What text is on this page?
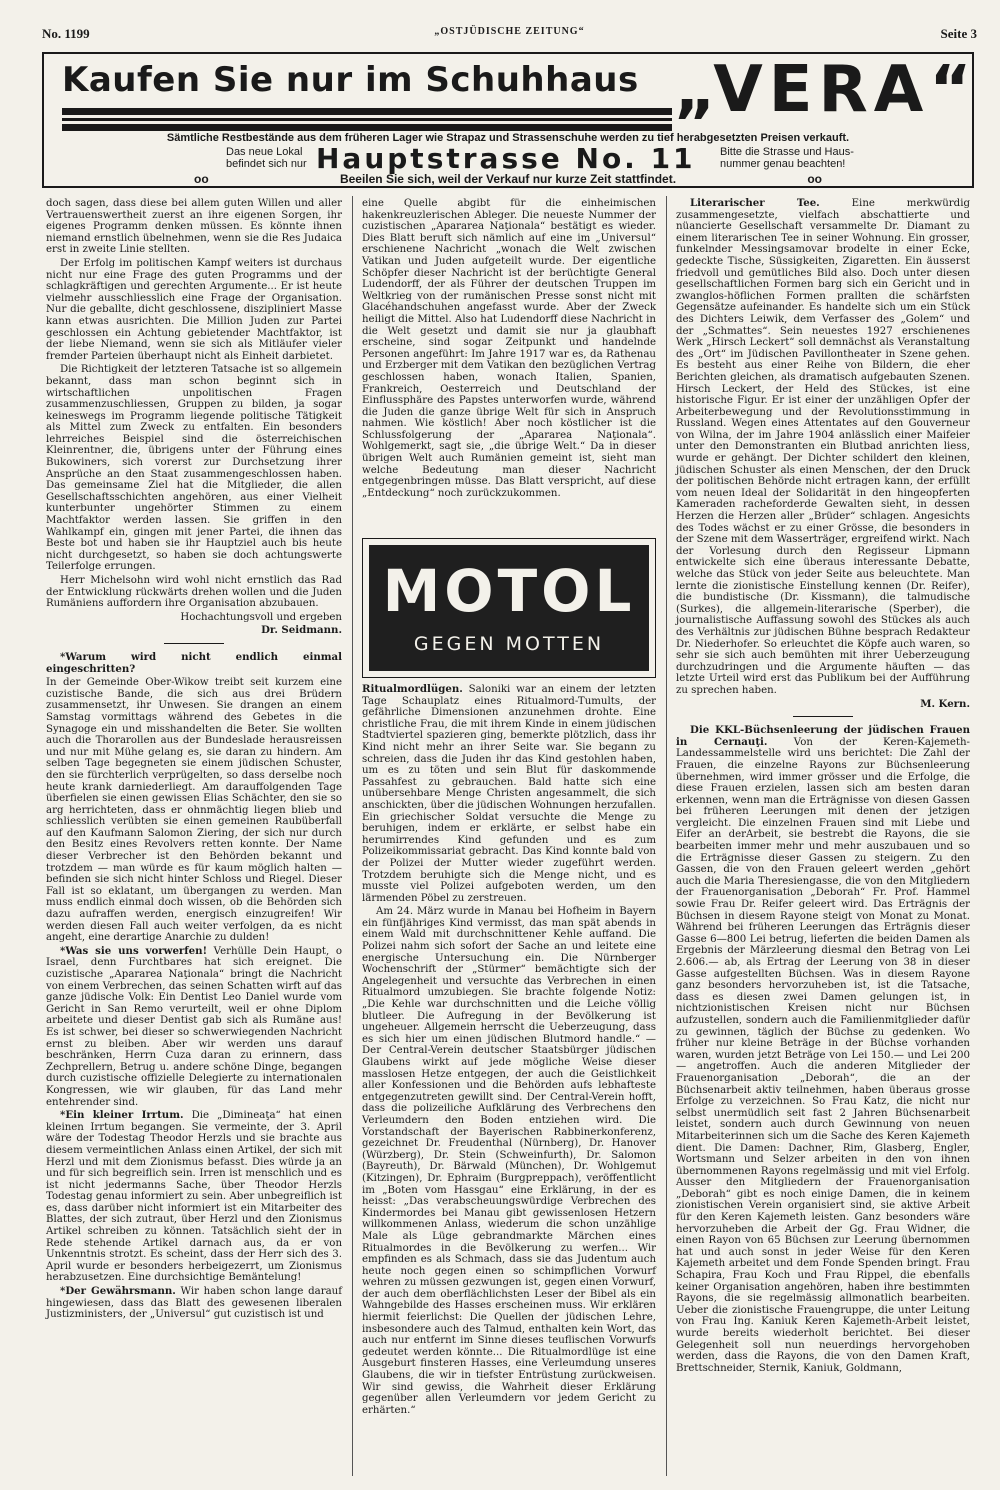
No. 1199	„OSTJÜDISCHE ZEITUNG“	Seite 3
Kaufen Sie nur im Schuhhaus „VERA“
Sämtliche Restbestände aus dem früheren Lager wie Strapaz und Strassenschuhe werden zu tief herabgesetzten Preisen verkauft.
Das neue Lokal
befindet sich nur Hauptstrasse No. 11 Bitte die Strasse und Haus-
nummer genau beachten!
oo	Beeilen Sie sich, weil der Verkauf nur kurze Zeit stattfindet.	oo

doch sagen, dass diese bei allem guten Willen und aller Vertrauenswertheit zuerst an ihre eigenen Sorgen, ihr eigenes Programm denken müssen. Es könnte ihnen niemand ernstlich übelnehmen, wenn sie die Res Judaica erst in zweite Linie stellten.

Der Erfolg im politischen Kampf weiters ist durchaus nicht nur eine Frage des guten Programms und der schlagkräftigen und gerechten Argumente... Er ist heute vielmehr ausschliesslich eine Frage der Organisation. Nur die geballte, dicht geschlossene, diszipliniert Masse kann etwas ausrichten. Die Million Juden zur Partei geschlossen ein Achtung gebietender Machtfaktor, ist der liebe Niemand, wenn sie sich als Mitläufer vieler fremder Parteien überhaupt nicht als Einheit darbietet.

Die Richtigkeit der letzteren Tatsache ist so allgemein bekannt, dass man schon beginnt sich in wirtschaftlichen unpolitischen Fragen zusammenzuschliessen, Gruppen zu bilden, ja sogar keineswegs im Programm liegende politische Tätigkeit als Mittel zum Zweck zu entfalten. Ein besonders lehrreiches Beispiel sind die österreichischen Kleinrentner, die, übrigens unter der Führung eines Bukowiners, sich vorerst zur Durchsetzung ihrer Ansprüche an den Staat zusammengeschlossen haben. Das gemeinsame Ziel hat die Mitglieder, die allen Gesellschaftsschichten angehören, aus einer Vielheit kunterbunter ungehörter Stimmen zu einem Machtfaktor werden lassen. Sie griffen in den Wahlkampf ein, gingen mit jener Partei, die ihnen das Beste bot und haben sie ihr Hauptziel auch bis heute nicht durchgesetzt, so haben sie doch achtungswerte Teilerfolge errungen.

Herr Michelsohn wird wohl nicht ernstlich das Rad der Entwicklung rückwärts drehen wollen und die Juden Rumäniens auffordern ihre Organisation abzubauen.

Hochachtungsvoll und ergeben

Dr. Seidmann.

*Warum wird nicht endlich einmal eingeschritten?

In der Gemeinde Ober-Wikow treibt seit kurzem eine cuzistische Bande, die sich aus drei Brüdern zusammensetzt, ihr Unwesen. Sie drangen an einem Samstag vormittags während des Gebetes in die Synagoge ein und misshandelten die Beter. Sie wollten auch die Thorarollen aus der Bundeslade herausreissen und nur mit Mühe gelang es, sie daran zu hindern. Am selben Tage begegneten sie einem jüdischen Schuster, den sie fürchterlich verprügelten, so dass derselbe noch heute krank darniederliegt. Am darauffolgenden Tage überfielen sie einen gewissen Elias Schächter, den sie so arg herrichteten, dass er ohnmächtig liegen blieb und schliesslich verübten sie einen gemeinen Raubüberfall auf den Kaufmann Salomon Ziering, der sich nur durch den Besitz eines Revolvers retten konnte. Der Name dieser Verbrecher ist den Behörden bekannt und trotzdem — man würde es für kaum möglich halten — befinden sie sich nicht hinter Schloss und Riegel. Dieser Fall ist so eklatant, um übergangen zu werden. Man muss endlich einmal doch wissen, ob die Behörden sich dazu aufraffen werden, energisch einzugreifen! Wir werden diesen Fall auch weiter verfolgen, da es nicht angeht, eine derartige Anarchie zu dulden!

*Was sie uns vorwerfen! Verhülle Dein Haupt, o Israel, denn Furchtbares hat sich ereignet. Die cuzistische „Apararea Naţionala“ bringt die Nachricht von einem Verbrechen, das seinen Schatten wirft auf das ganze jüdische Volk: Ein Dentist Leo Daniel wurde vom Gericht in San Remo verurteilt, weil er ohne Diplom arbeitete und dieser Dentist gab sich als Rumäne aus! Es ist schwer, bei dieser so schwerwiegenden Nachricht ernst zu bleiben. Aber wir werden uns darauf beschränken, Herrn Cuza daran zu erinnern, dass Zechprellern, Betrug u. andere schöne Dinge, begangen durch cuzistische offizielle Delegierte zu internationalen Kongressen, wie wir glauben, für das Land mehr entehrender sind.

*Ein kleiner Irrtum. Die „Dimineaţa“ hat einen kleinen Irrtum begangen. Sie vermeinte, der 3. April wäre der Todestag Theodor Herzls und sie brachte aus diesem vermeintlichen Anlass einen Artikel, der sich mit Herzl und mit dem Zionismus befasst. Dies würde ja an und für sich begreiflich sein. Irren ist menschlich und es ist nicht jedermanns Sache, über Theodor Herzls Todestag genau informiert zu sein. Aber unbegreiflich ist es, dass darüber nicht informiert ist ein Mitarbeiter des Blattes, der sich zutraut, über Herzl und den Zionismus Artikel schreiben zu können. Tatsächlich sieht der in Rede stehende Artikel darnach aus, da er von Unkenntnis strotzt. Es scheint, dass der Herr sich des 3. April wurde er besonders herbeigezerrt, um Zionismus herabzusetzen. Eine durchsichtige Bemäntelung!

*Der Gewährsmann. Wir haben schon lange darauf hingewiesen, dass das Blatt des gewesenen liberalen Justizministers, der „Universul“ gut cuzistisch ist und

eine Quelle abgibt für die einheimischen hakenkreuzlerischen Ableger. Die neueste Nummer der cuzistischen „Apararea Naţionala“ bestätigt es wieder. Dies Blatt beruft sich nämlich auf eine im „Universul“ erschienene Nachricht „wonach die Welt zwischen Vatikan und Juden aufgeteilt wurde. Der eigentliche Schöpfer dieser Nachricht ist der berüchtigte General Ludendorff, der als Führer der deutschen Truppen im Weltkrieg von der rumänischen Presse sonst nicht mit Glacéhandschuhen angefasst wurde. Aber der Zweck heiligt die Mittel. Also hat Ludendorff diese Nachricht in die Welt gesetzt und damit sie nur ja glaubhaft erscheine, sind sogar Zeitpunkt und handelnde Personen angeführt: Im Jahre 1917 war es, da Rathenau und Erzberger mit dem Vatikan den bezüglichen Vertrag geschlossen haben, wonach Italien, Spanien, Frankreich, Oesterreich und Deutschland der Einflussphäre des Papstes unterworfen wurde, während die Juden die ganze übrige Welt für sich in Anspruch nahmen. Wie köstlich! Aber noch köstlicher ist die Schlussfolgerung der „Apararea Naţionala“. Wohlgemerkt, sagt sie, „die übrige Welt.“ Da in dieser übrigen Welt auch Rumänien gemeint ist, sieht man welche Bedeutung man dieser Nachricht entgegenbringen müsse. Das Blatt verspricht, auf diese „Entdeckung“ noch zurückzukommen.

MOTOL
GEGEN MOTTEN

Ritualmordlügen. Saloniki war an einem der letzten Tage Schauplatz eines Ritualmord-Tumults, der gefährliche Dimensionen anzunehmen drohte. Eine christliche Frau, die mit ihrem Kinde in einem jüdischen Stadtviertel spazieren ging, bemerkte plötzlich, dass ihr Kind nicht mehr an ihrer Seite war. Sie begann zu schreien, dass die Juden ihr das Kind gestohlen haben, um es zu töten und sein Blut für daskommende Passahfest zu gebrauchen. Bald hatte sich eine unübersehbare Menge Christen angesammelt, die sich anschickten, über die jüdischen Wohnungen herzufallen. Ein griechischer Soldat versuchte die Menge zu beruhigen, indem er erklärte, er selbst habe ein herumirrendes Kind gefunden und es zum Polizeikommissariat gebracht. Das Kind konnte bald von der Polizei der Mutter wieder zugeführt werden. Trotzdem beruhigte sich die Menge nicht, und es musste viel Polizei aufgeboten werden, um den lärmenden Pöbel zu zerstreuen.

Am 24. März wurde in Manau bei Hofheim in Bayern ein fünfjähriges Kind vermisst, das man spät abends in einem Wald mit durchschnittener Kehle auffand. Die Polizei nahm sich sofort der Sache an und leitete eine energische Untersuchung ein. Die Nürnberger Wochenschrift der „Stürmer“ bemächtigte sich der Angelegenheit und versuchte das Verbrechen in einen Ritualmord umzubiegen. Sie brachte folgende Notiz: „Die Kehle war durchschnitten und die Leiche völlig blutleer. Die Aufregung in der Bevölkerung ist ungeheuer. Allgemein herrscht die Ueberzeugung, dass es sich hier um einen jüdischen Blutmord handle.“ — Der Central-Verein deutscher Staatsbürger jüdischen Glaubens wirkt auf jede mögliche Weise dieser masslosen Hetze entgegen, der auch die Geistlichkeit aller Konfessionen und die Behörden aufs lebhafteste entgegenzutreten gewillt sind. Der Central-Verein hofft, dass die polizeiliche Aufklärung des Verbrechens den Verleumdern den Boden entziehen wird. Die Vorstandschaft der Bayerischen Rabbinerkonferenz, gezeichnet Dr. Freudenthal (Nürnberg), Dr. Hanover (Würzberg), Dr. Stein (Schweinfurth), Dr. Salomon (Bayreuth), Dr. Bärwald (München), Dr. Wohlgemut (Kitzingen), Dr. Ephraim (Burgpreppach), veröffentlicht im „Boten vom Hassgau“ eine Erklärung, in der es heisst: „Das verabscheuungswürdige Verbrechen des Kindermordes bei Manau gibt gewissenlosen Hetzern willkommenen Anlass, wiederum die schon unzählige Male als Lüge gebrandmarkte Märchen eines Ritualmordes in die Bevölkerung zu werfen... Wir empfinden es als Schmach, dass sie das Judentum auch heute noch gegen einen so schimpflichen Vorwurf wehren zu müssen gezwungen ist, gegen einen Vorwurf, der auch dem oberflächlichsten Leser der Bibel als ein Wahngebilde des Hasses erscheinen muss. Wir erklären hiermit feierlichst: Die Quellen der jüdischen Lehre, insbesondere auch des Talmud, enthalten kein Wort, das auch nur entfernt im Sinne dieses teuflischen Vorwurfs gedeutet werden könnte... Die Ritualmordlüge ist eine Ausgeburt finsteren Hasses, eine Verleumdung unseres Glaubens, die wir in tiefster Entrüstung zurückweisen. Wir sind gewiss, die Wahrheit dieser Erklärung gegenüber allen Verleumdern vor jedem Gericht zu erhärten.“

Literarischer Tee.	Eine merkwürdig zusammengesetzte, vielfach abschattierte und nüancierte Gesellschaft versammelte Dr. Diamant zu einem literarischen Tee in seiner Wohnung. Ein grosser, funkelnder Messingsamovar brodelte in einer Ecke, gedeckte Tische, Süssigkeiten, Zigaretten. Ein äusserst friedvoll und gemütliches Bild also. Doch unter diesen gesellschaftlichen Formen barg sich ein Gericht und in zwanglos-höflichen Formen prallten die schärfsten Gegensätze aufeinander. Es handelte sich um ein Stück des Dichters Leiwik, dem Verfasser des „Golem“ und der „Schmattes“. Sein neuestes 1927 erschienenes Werk „Hirsch Leckert“ soll demnächst als Veranstaltung des „Ort“ im Jüdischen Pavillontheater in Szene gehen. Es besteht aus einer Reihe von Bildern, die eher Berichten gleichen, als dramatisch aufgebauten Szenen. Hirsch Leckert, der Held des Stückes, ist eine historische Figur. Er ist einer der unzähligen Opfer der Arbeiterbewegung und der Revolutionsstimmung in Russland. Wegen eines Attentates auf den Gouverneur von Wilna, der im Jahre 1904 anlässlich einer Maifeier unter den Demonstranten ein Blutbad anrichten liess, wurde er gehängt. Der Dichter schildert den kleinen, jüdischen Schuster als einen Menschen, der den Druck der politischen Behörde nicht ertragen kann, der erfüllt vom neuen Ideal der Solidarität in den hingeopferten Kameraden racheforderde Gewalten sieht, in dessen Herzen die Herzen aller „Brüder“ schlagen. Angesichts des Todes wächst er zu einer Grösse, die besonders in der Szene mit dem Wasserträger, ergreifend wirkt. Nach der Vorlesung durch den Regisseur Lipmann entwickelte sich eine überaus interessante Debatte, welche das Stück von jeder Seite aus beleuchtete. Man lernte die zionistische Einstellung kennen (Dr. Reifer), die bundistische (Dr. Kissmann), die talmudische (Surkes), die allgemein-literarische (Sperber), die journalistische Auffassung sowohl des Stückes als auch des Verhältnis zur jüdischen Bühne besprach Redakteur Dr. Niederhofer. So erleuchtet die Köpfe auch waren, so sehr sie sich auch bemühten mit ihrer Ueberzeugung durchzudringen und die Argumente häuften — das letzte Urteil wird erst das Publikum bei der Aufführung zu sprechen haben.

M. Kern.

Die KKL-Büchsenleerung der jüdischen Frauen in Cernauţi.	Von der Keren-Kajemeth-Landessammelstelle wird uns berichtet: Die Zahl der Frauen, die einzelne Rayons zur Büchsenleerung übernehmen, wird immer grösser und die Erfolge, die diese Frauen erzielen, lassen sich am besten daran erkennen, wenn man die Erträgnisse von diesen Gassen bei früheren Leerungen mit denen der jetzigen vergleicht. Die einzelnen Frauen sind mit Liebe und Eifer an derArbeit, sie bestrebt die Rayons, die sie bearbeiten immer mehr und mehr auszubauen und so die Erträgnisse dieser Gassen zu steigern. Zu den Gassen, die von den Frauen geleert werden „gehört auch die Maria Theresiengasse, die von den Mitgliedern der Frauenorganisation „Deborah“ Fr. Prof. Hammel sowie Frau Dr. Reifer geleert wird. Das Erträgnis der Büchsen in diesem Rayone steigt von Monat zu Monat. Während bei früheren Leerungen das Erträgnis dieser Gasse 6—800 Lei betrug, lieferten die beiden Damen als Ergebnis der Märzleerung diesmal den Betrag von Lei 2.606.— ab, als Ertrag der Leerung von 38 in dieser Gasse aufgestellten Büchsen. Was in diesem Rayone ganz besonders hervorzuheben ist, ist die Tatsache, dass es diesen zwei Damen gelungen ist, in nichtzionistischen Kreisen nicht nur Büchsen aufzustellen, sondern auch die Familienmitglieder dafür zu gewinnen, täglich der Büchse zu gedenken. Wo früher nur kleine Beträge in der Büchse vorhanden waren, wurden jetzt Beträge von Lei 150.— und Lei 200 — angetroffen. Auch die anderen Mitglieder der Frauenorganisation „Deborah“, die an der Büchsenarbeit aktiv teilnehmen, haben überaus grosse Erfolge zu verzeichnen. So Frau Katz, die nicht nur selbst unermüdlich seit fast 2 Jahren Büchsenarbeit leistet, sondern auch durch Gewinnung von neuen Mitarbeiterinnen sich um die Sache des Keren Kajemeth dient. Die Damen: Dachner, Rim, Glasberg, Engler, Wortsmann und Selzer arbeiten in den von ihnen übernommenen Rayons regelmässig und mit viel Erfolg. Ausser den Mitgliedern der Frauenorganisation „Deborah“ gibt es noch einige Damen, die in keinem zionistischen Verein organisiert sind, sie aktive Arbeit für den Keren Kajemeth leisten. Ganz besonders wäre hervorzuheben die Arbeit der Gg. Frau Widner, die einen Rayon von 65 Büchsen zur Leerung übernommen hat und auch sonst in jeder Weise für den Keren Kajemeth arbeitet und dem Fonde Spenden bringt. Frau Schapira, Frau Koch und Frau Rippel, die ebenfalls keiner Organisation angehören, haben ihre bestimmten Rayons, die sie regelmässig allmonatlich bearbeiten. Ueber die zionistische Frauengruppe, die unter Leitung von Frau Ing. Kaniuk Keren Kajemeth-Arbeit leistet, wurde bereits wiederholt berichtet. Bei dieser Gelegenheit soll nun neuerdings hervorgehoben werden, dass die Rayons, die von den Damen Kraft, Brettschneider, Sternik, Kaniuk, Goldmann,
